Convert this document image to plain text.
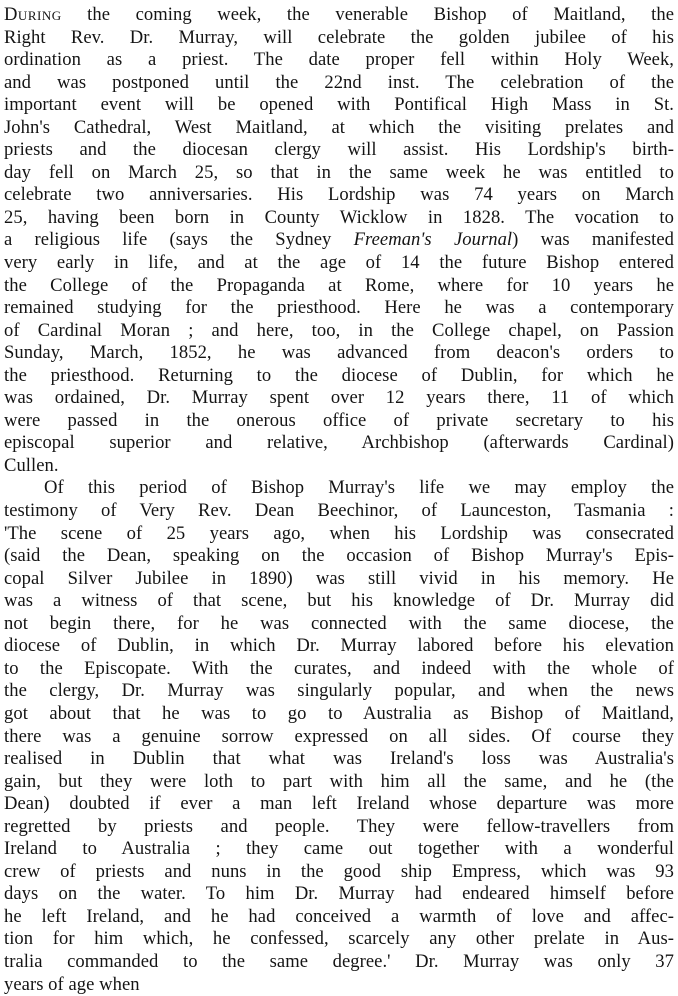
During the coming week, the venerable Bishop of Maitland, the
Right Rev. Dr. Murray, will celebrate the golden jubilee of his
ordination as a priest. The date proper fell within Holy Week,
and was postponed until the 22nd inst. The celebration of the
important event will be opened with Pontifical High Mass in St.
John's Cathedral, West Maitland, at which the visiting prelates and
priests and the diocesan clergy will assist. His Lordship's birth-
day fell on March 25, so that in the same week he was entitled to
celebrate two anniversaries. His Lordship was 74 years on March
25, having been born in County Wicklow in 1828. The vocation to
a religious life (says the Sydney Freeman's Journal) was manifested
very early in life, and at the age of 14 the future Bishop entered
the College of the Propaganda at Rome, where for 10 years he
remained studying for the priesthood. Here he was a contemporary
of Cardinal Moran ; and here, too, in the College chapel, on Passion
Sunday, March, 1852, he was advanced from deacon's orders to
the priesthood. Returning to the diocese of Dublin, for which he
was ordained, Dr. Murray spent over 12 years there, 11 of which
were passed in the onerous office of private secretary to his
episcopal superior and relative, Archbishop (afterwards Cardinal)
Cullen.
Of this period of Bishop Murray's life we may employ the
testimony of Very Rev. Dean Beechinor, of Launceston, Tasmania :
'The scene of 25 years ago, when his Lordship was consecrated
(said the Dean, speaking on the occasion of Bishop Murray's Epis-
copal Silver Jubilee in 1890) was still vivid in his memory. He
was a witness of that scene, but his knowledge of Dr. Murray did
not begin there, for he was connected with the same diocese, the
diocese of Dublin, in which Dr. Murray labored before his elevation
to the Episcopate. With the curates, and indeed with the whole of
the clergy, Dr. Murray was singularly popular, and when the news
got about that he was to go to Australia as Bishop of Maitland,
there was a genuine sorrow expressed on all sides. Of course they
realised in Dublin that what was Ireland's loss was Australia's
gain, but they were loth to part with him all the same, and he (the
Dean) doubted if ever a man left Ireland whose departure was more
regretted by priests and people. They were fellow-travellers from
Ireland to Australia ; they came out together with a wonderful
crew of priests and nuns in the good ship Empress, which was 93
days on the water. To him Dr. Murray had endeared himself before
he left Ireland, and he had conceived a warmth of love and affec-
tion for him which, he confessed, scarcely any other prelate in Aus-
tralia commanded to the same degree.' Dr. Murray was only 37
years of age when
